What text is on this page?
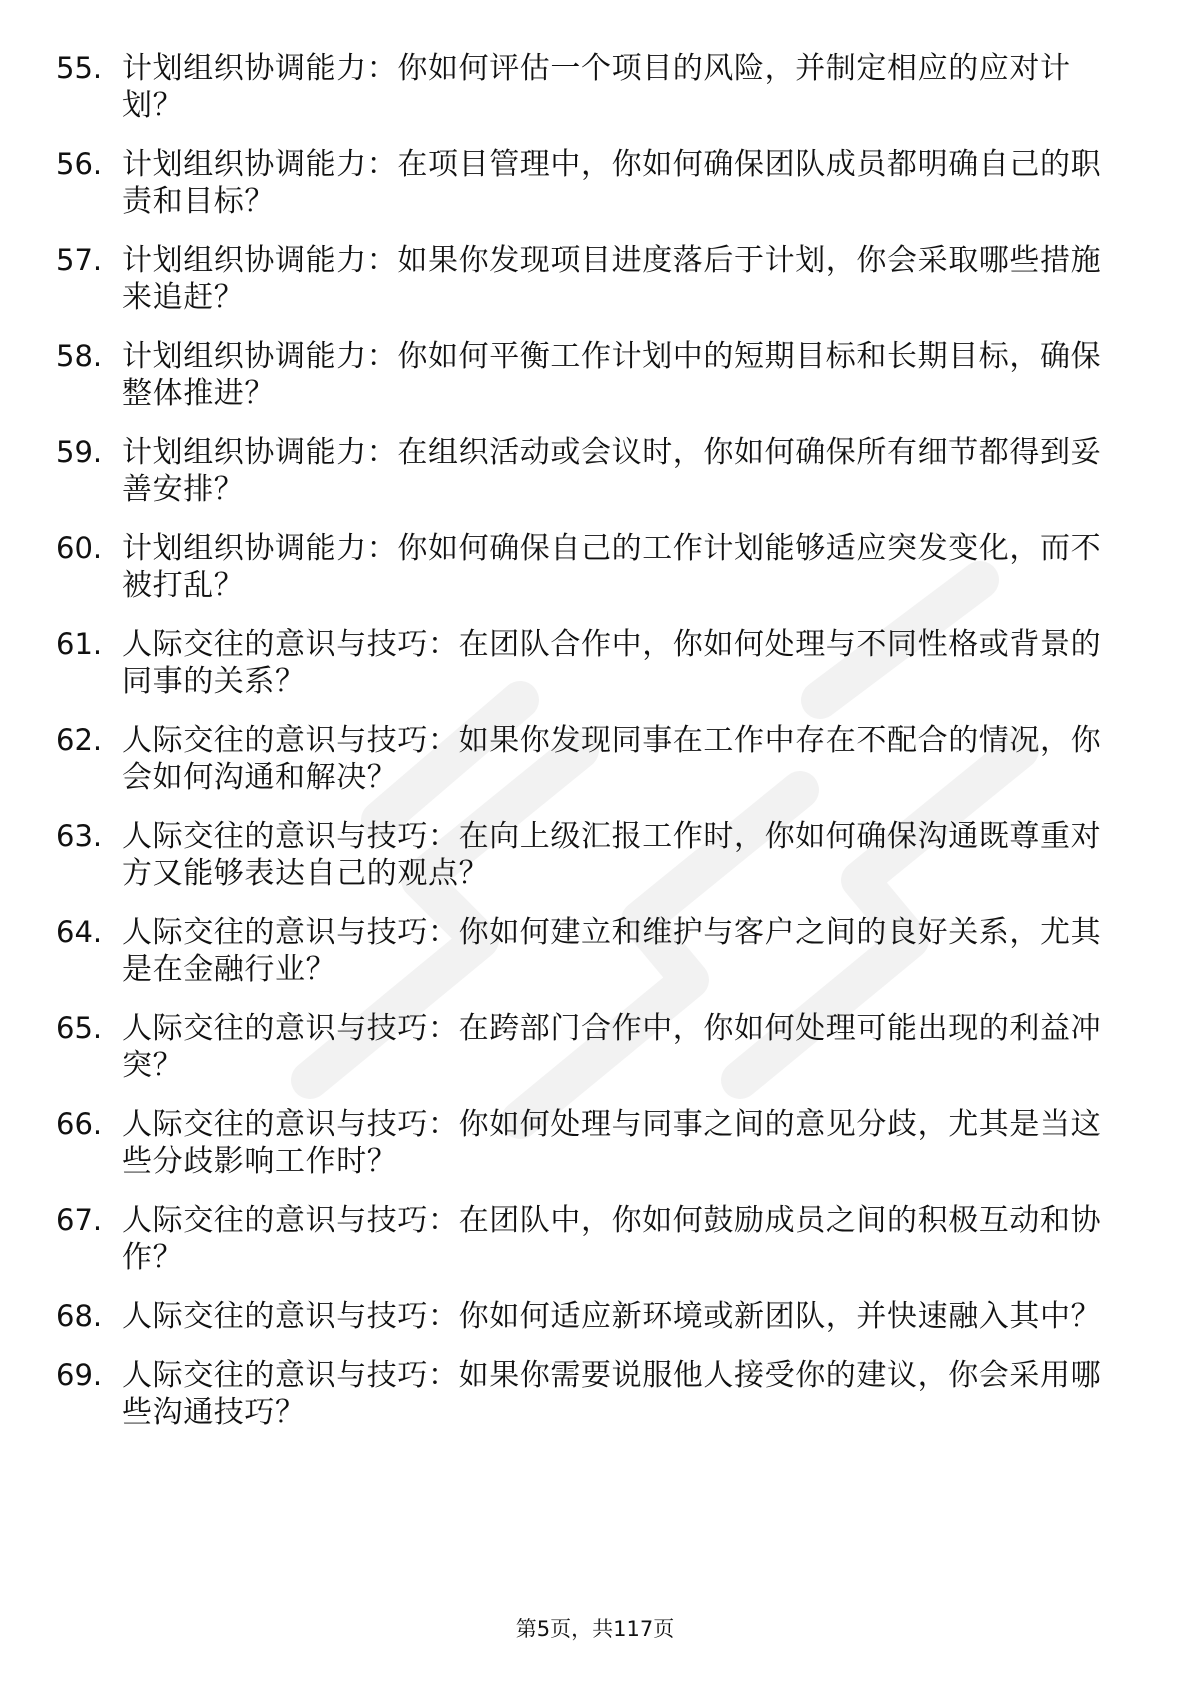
55. 计划组织协调能力：你如何评估一个项目的风险，并制定相应的应对计划？
56. 计划组织协调能力：在项目管理中，你如何确保团队成员都明确自己的职责和目标？
57. 计划组织协调能力：如果你发现项目进度落后于计划，你会采取哪些措施来追赶？
58. 计划组织协调能力：你如何平衡工作计划中的短期目标和长期目标，确保整体推进？
59. 计划组织协调能力：在组织活动或会议时，你如何确保所有细节都得到妥善安排？
60. 计划组织协调能力：你如何确保自己的工作计划能够适应突发变化，而不被打乱？
61. 人际交往的意识与技巧：在团队合作中，你如何处理与不同性格或背景的同事的关系？
62. 人际交往的意识与技巧：如果你发现同事在工作中存在不配合的情况，你会如何沟通和解决？
63. 人际交往的意识与技巧：在向上级汇报工作时，你如何确保沟通既尊重对方又能够表达自己的观点？
64. 人际交往的意识与技巧：你如何建立和维护与客户之间的良好关系，尤其是在金融行业？
65. 人际交往的意识与技巧：在跨部门合作中，你如何处理可能出现的利益冲突？
66. 人际交往的意识与技巧：你如何处理与同事之间的意见分歧，尤其是当这些分歧影响工作时？
67. 人际交往的意识与技巧：在团队中，你如何鼓励成员之间的积极互动和协作？
68. 人际交往的意识与技巧：你如何适应新环境或新团队，并快速融入其中？
69. 人际交往的意识与技巧：如果你需要说服他人接受你的建议，你会采用哪些沟通技巧？
第5页，共117页
